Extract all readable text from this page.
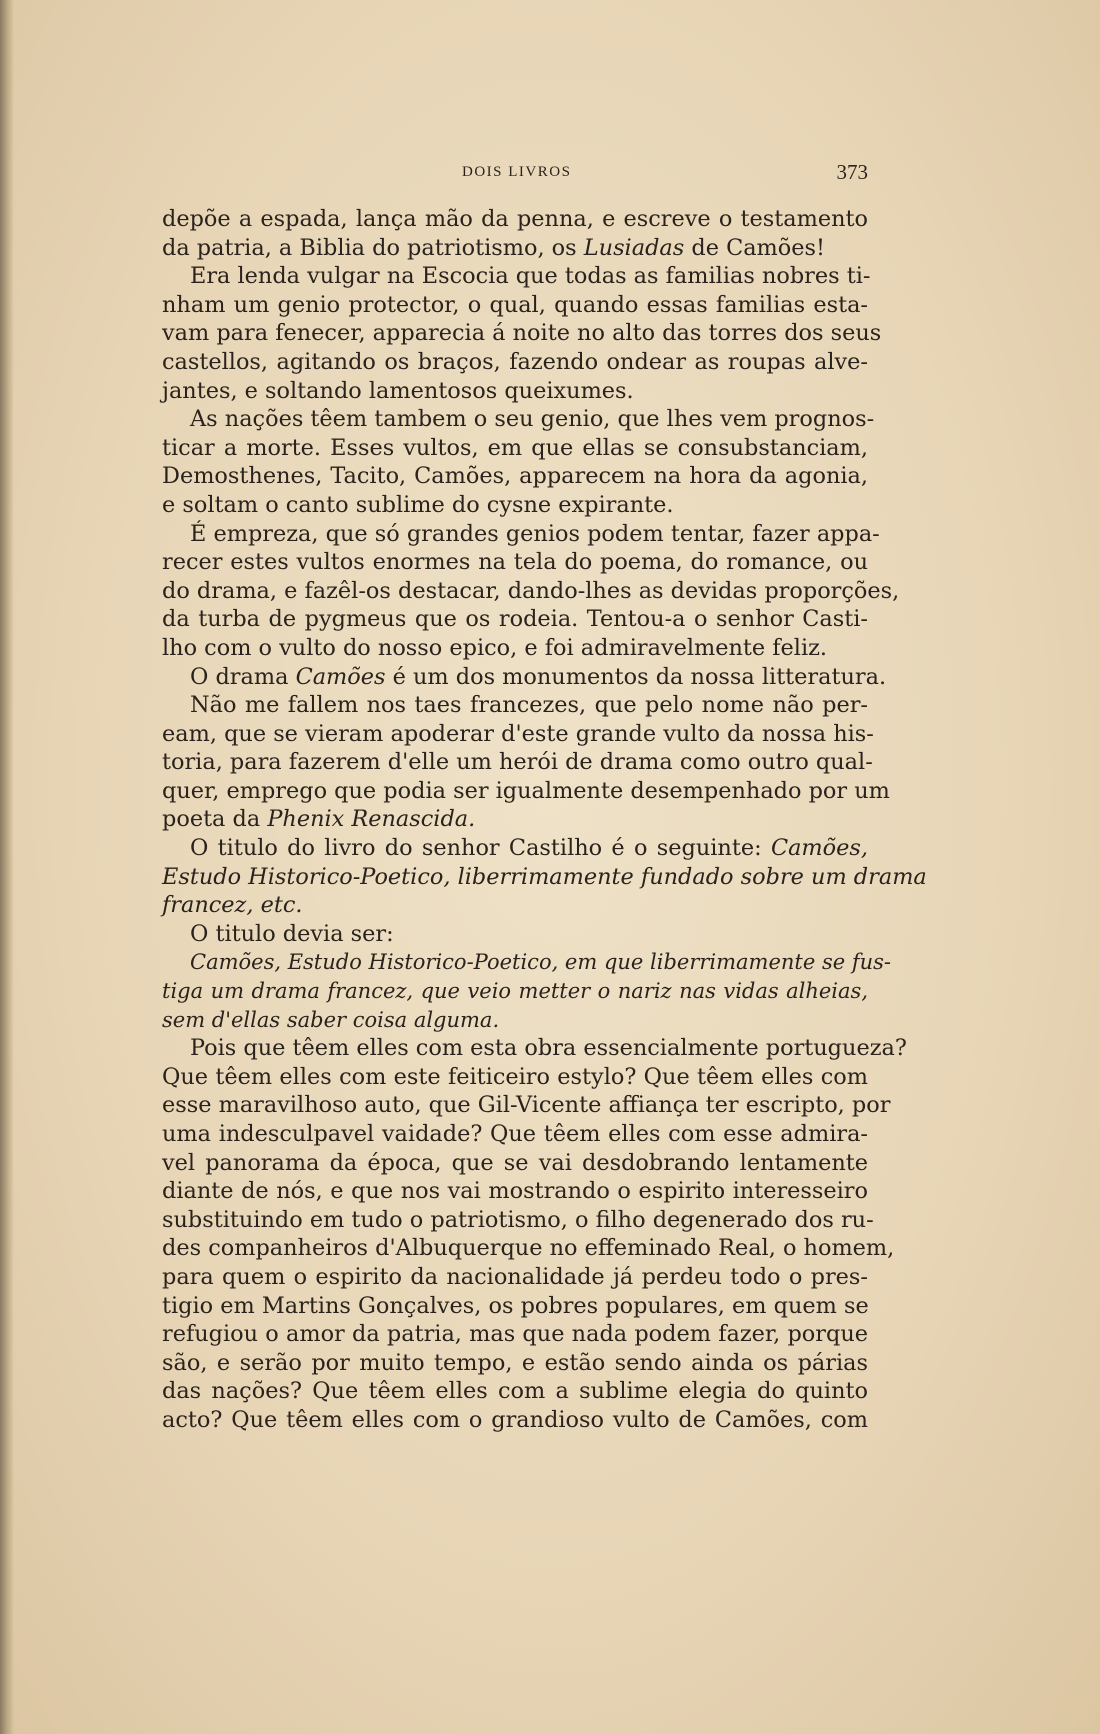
DOIS LIVROS	373
depõe a espada, lança mão da penna, e escreve o testamento
da patria, a Biblia do patriotismo, os Lusiadas de Camões!
Era lenda vulgar na Escocia que todas as familias nobres ti-
nham um genio protector, o qual, quando essas familias esta-
vam para fenecer, apparecia á noite no alto das torres dos seus
castellos, agitando os braços, fazendo ondear as roupas alve-
jantes, e soltando lamentosos queixumes.
As nações têem tambem o seu genio, que lhes vem prognos-
ticar a morte. Esses vultos, em que ellas se consubstanciam,
Demosthenes, Tacito, Camões, apparecem na hora da agonia,
e soltam o canto sublime do cysne expirante.
É empreza, que só grandes genios podem tentar, fazer appa-
recer estes vultos enormes na tela do poema, do romance, ou
do drama, e fazêl-os destacar, dando-lhes as devidas proporções,
da turba de pygmeus que os rodeia. Tentou-a o senhor Casti-
lho com o vulto do nosso epico, e foi admiravelmente feliz.
O drama Camões é um dos monumentos da nossa litteratura.
Não me fallem nos taes francezes, que pelo nome não per-
eam, que se vieram apoderar d'este grande vulto da nossa his-
toria, para fazerem d'elle um herói de drama como outro qual-
quer, emprego que podia ser igualmente desempenhado por um
poeta da Phenix Renascida.
O titulo do livro do senhor Castilho é o seguinte: Camões,
Estudo Historico-Poetico, liberrimamente fundado sobre um drama
francez, etc.
O titulo devia ser:
Camões, Estudo Historico-Poetico, em que liberrimamente se fus-
tiga um drama francez, que veio metter o nariz nas vidas alheias,
sem d'ellas saber coisa alguma.
Pois que têem elles com esta obra essencialmente portugueza?
Que têem elles com este feiticeiro estylo? Que têem elles com
esse maravilhoso auto, que Gil-Vicente affiança ter escripto, por
uma indesculpavel vaidade? Que têem elles com esse admira-
vel panorama da época, que se vai desdobrando lentamente
diante de nós, e que nos vai mostrando o espirito interesseiro
substituindo em tudo o patriotismo, o filho degenerado dos ru-
des companheiros d'Albuquerque no effeminado Real, o homem,
para quem o espirito da nacionalidade já perdeu todo o pres-
tigio em Martins Gonçalves, os pobres populares, em quem se
refugiou o amor da patria, mas que nada podem fazer, porque
são, e serão por muito tempo, e estão sendo ainda os párias
das nações? Que têem elles com a sublime elegia do quinto
acto? Que têem elles com o grandioso vulto de Camões, com
